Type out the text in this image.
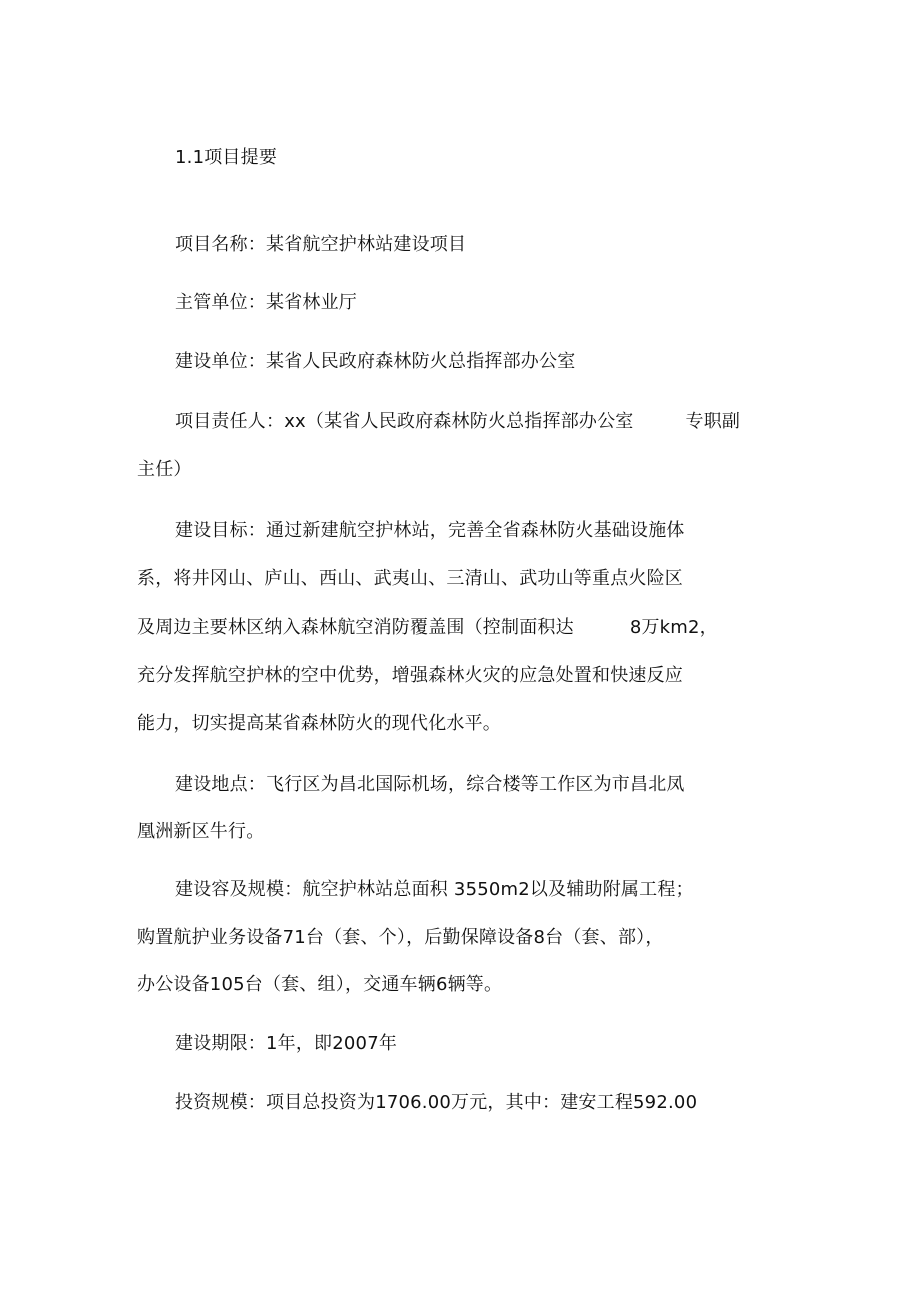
1.1项目提要
项目名称：某省航空护林站建设项目
主管单位：某省林业厅
建设单位：某省人民政府森林防火总指挥部办公室
项目责任人：xx（某省人民政府森林防火总指挥部办公室	专职副
主任）
建设目标：通过新建航空护林站，完善全省森林防火基础设施体
系，将井冈山、庐山、西山、武夷山、三清山、武功山等重点火险区
及周边主要林区纳入森林航空消防覆盖围（控制面积达	8万km2，
充分发挥航空护林的空中优势，增强森林火灾的应急处置和快速反应
能力，切实提高某省森林防火的现代化水平。
建设地点：飞行区为昌北国际机场，综合楼等工作区为市昌北凤
凰洲新区牛行。
建设容及规模：航空护林站总面积 3550m2以及辅助附属工程；
购置航护业务设备71台（套、个），后勤保障设备8台（套、部），
办公设备105台（套、组），交通车辆6辆等。
建设期限：1年，即2007年
投资规模：项目总投资为1706.00万元，其中：建安工程592.00
